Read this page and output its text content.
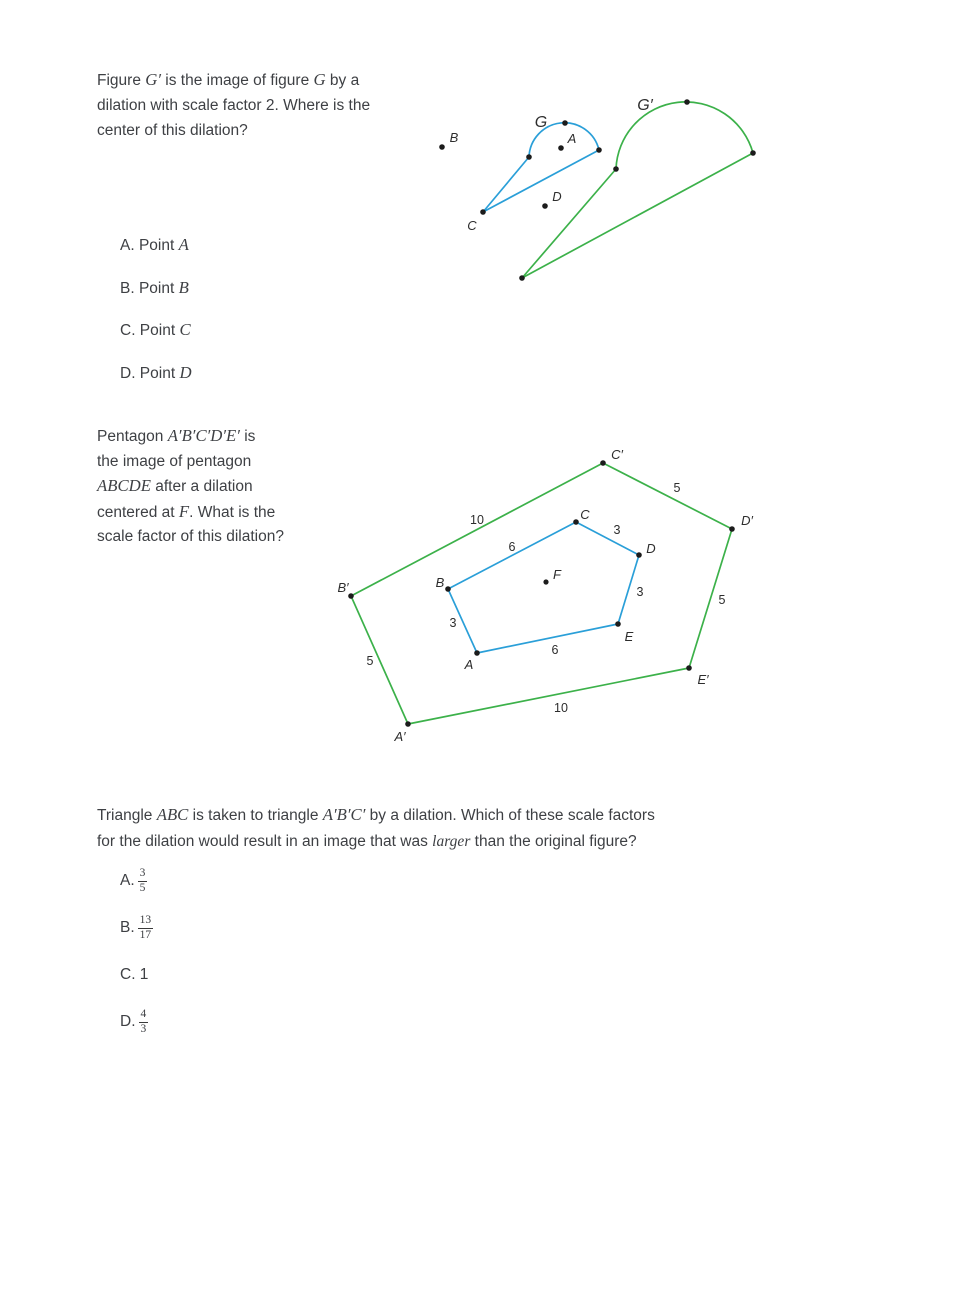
Figure G′ is the image of figure G by a
dilation with scale factor 2. Where is the
center of this dilation?	G
G′
A
B
C
D
A. Point A
B. Point B
C. Point C
D. Point D
Pentagon A′B′C′D′E′ is
the image of pentagon
ABCDE after a dilation
centered at F. What is the
scale factor of this dilation?
A
B
C
D
E
F
A′
B′
C′
D′
E′
3
6
3
3
6
5
10
5
5
10
Triangle ABC is taken to triangle A′B′C′ by a dilation. Which of these scale factors
for the dilation would result in an image that was larger than the original figure?
A. $\frac{3}{5}$
B. $\frac{13}{17}$
C. 1
D. $\frac{4}{3}$
